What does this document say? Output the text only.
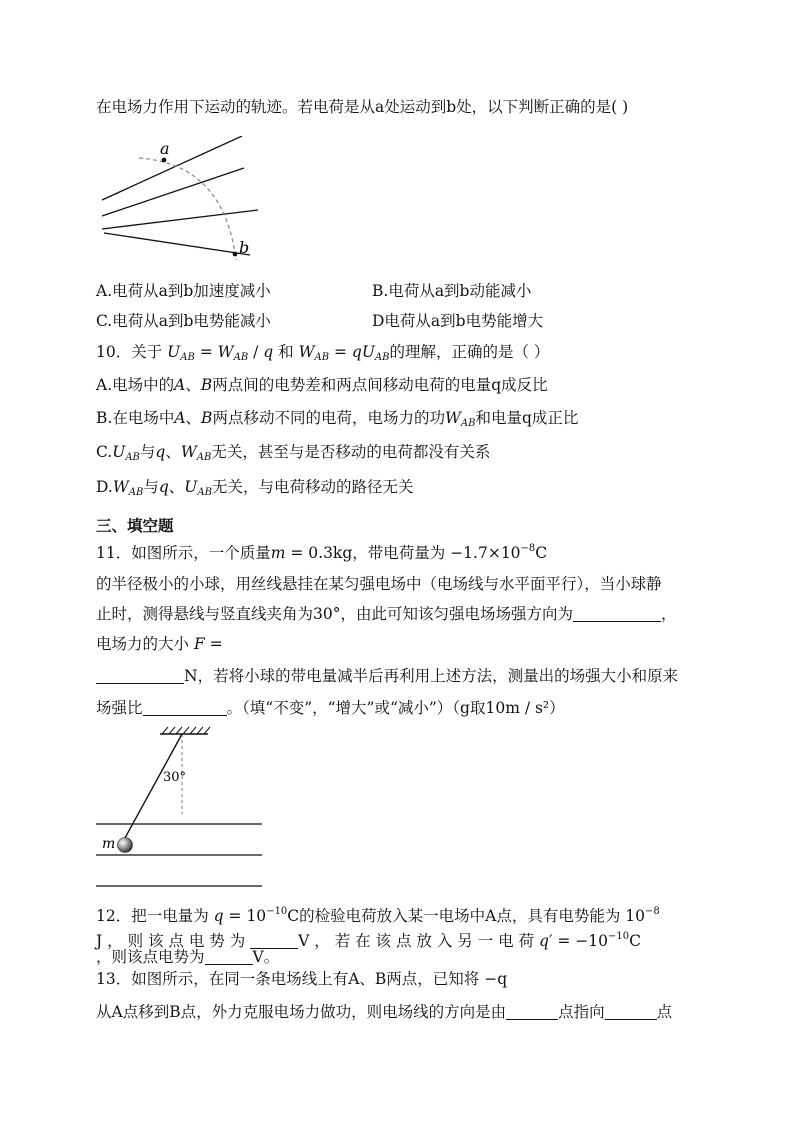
在电场力作用下运动的轨迹。若电荷是从a处运动到b处，以下判断正确的是( )
a
b
A.电荷从a到b加速度减小	B.电荷从a到b动能减小
C.电荷从a到b电势能减小	D电荷从a到b电势能增大
10．关于 $U_{AB} = W_{AB} / q$ 和 $W_{AB} = qU_{AB}$的理解，正确的是（ ）
A.电场中的A、B两点间的电势差和两点间移动电荷的电量q成反比
B.在电场中A、B两点移动不同的电荷，电场力的功$W_{AB}$和电量q成正比
$C.U_{AB}$与q、$W_{AB}$无关，甚至与是否移动的电荷都没有关系
$D.W_{AB}$与q、$U_{AB}$无关，与电荷移动的路径无关
三、填空题
11．如图所示，一个质量m = 0.3kg，带电荷量为 $-1.7\times 10^{-8}C$
的半径极小的小球，用丝线悬挂在某匀强电场中（电场线与水平面平行），当小球静
止时，测得悬线与竖直线夹角为30°，由此可知该匀强电场场强方向为	，
电场力的大小 F =
N，若将小球的带电量减半后再利用上述方法，测量出的场强大小和原来
场强比	。（填“不变”，“增大”或“减小”）（g取10m / s²）
30°
m
12．把一电量为 $q = 10^{-10}C$的检验电荷放入某一电场中A点，具有电势能为 $10^{-8}$
J ， 则 该 点 电 势 为	V ， 若 在 该 点 放 入 另 一 电 荷 $q' = -10^{-10}C$
，则该点电势为	V。
13．如图所示，在同一条电场线上有A、B两点，已知将 −q
从A点移到B点，外力克服电场力做功，则电场线的方向是由	点指向	点
